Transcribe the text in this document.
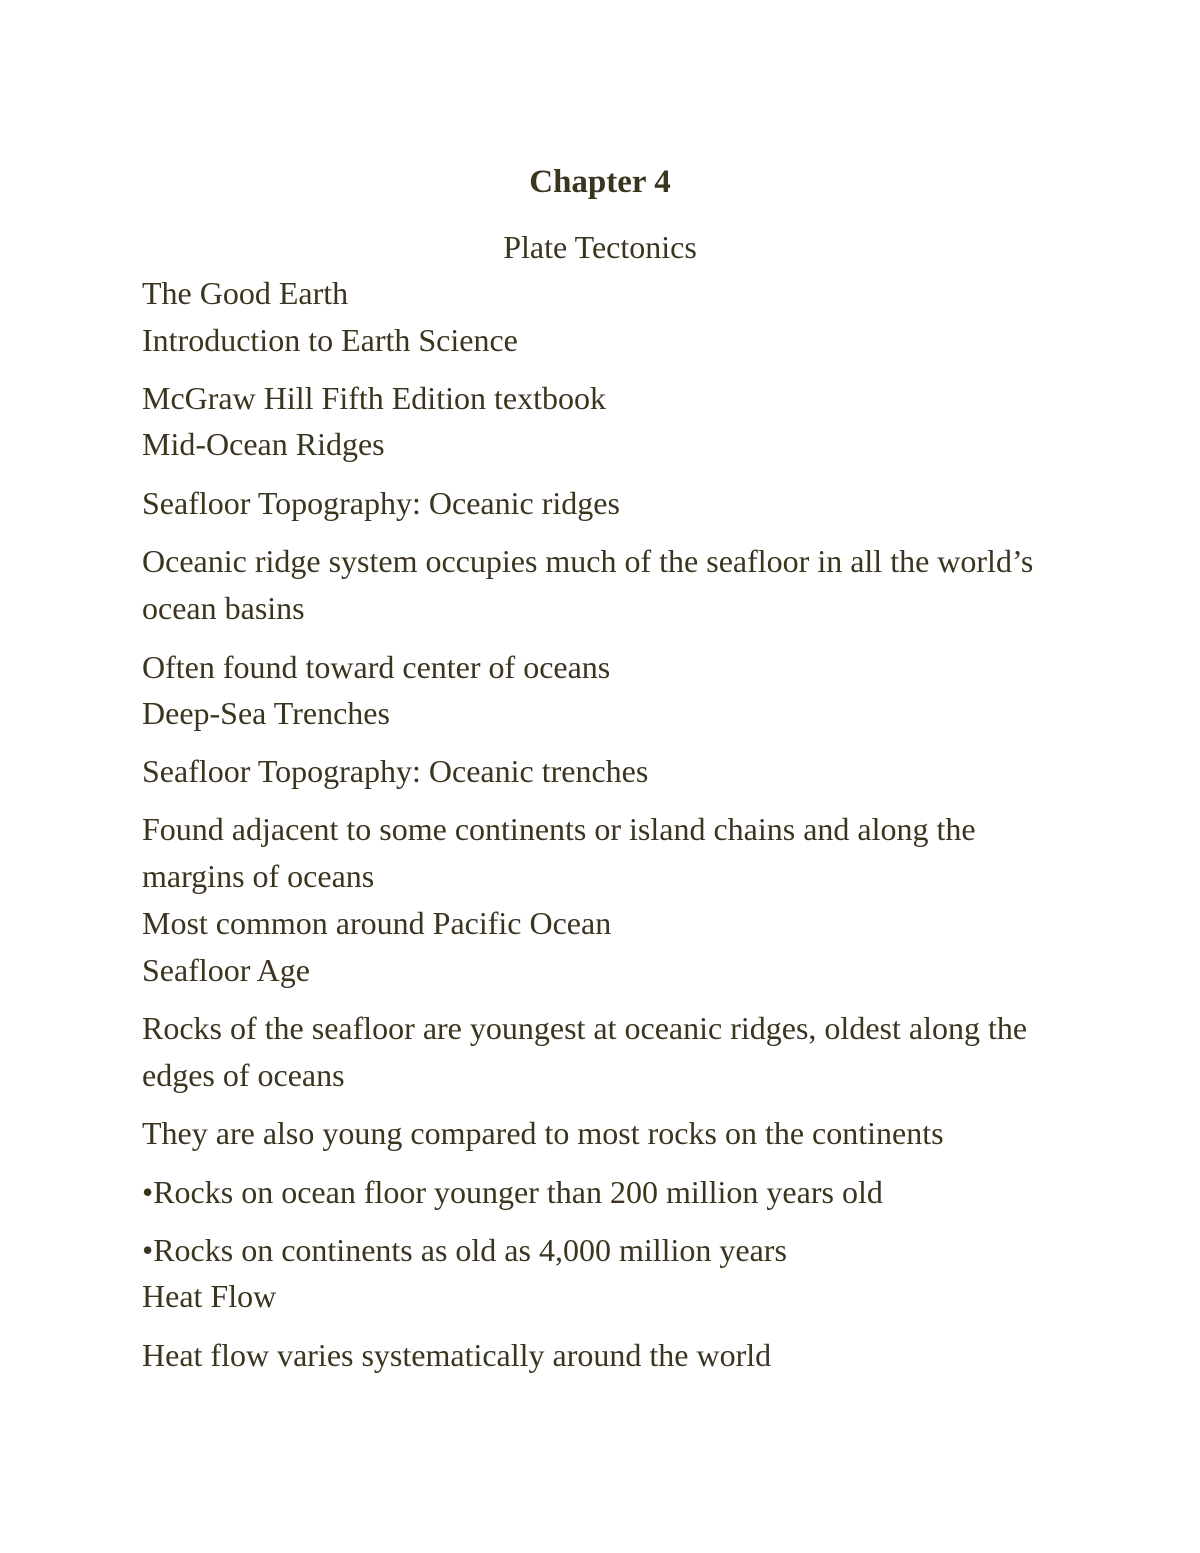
Chapter 4

Plate Tectonics

The Good Earth

Introduction to Earth Science

McGraw Hill Fifth Edition textbook

Mid-Ocean Ridges

Seafloor Topography: Oceanic ridges

Oceanic ridge system occupies much of the seafloor in all the world’s ocean basins

Often found toward center of oceans

Deep-Sea Trenches

Seafloor Topography: Oceanic trenches

Found adjacent to some continents or island chains and along the margins of oceans

Most common around Pacific Ocean

Seafloor Age

Rocks of the seafloor are youngest at oceanic ridges, oldest along the edges of oceans

They are also young compared to most rocks on the continents

•Rocks on ocean floor younger than 200 million years old

•Rocks on continents as old as 4,000 million years

Heat Flow

Heat flow varies systematically around the world
